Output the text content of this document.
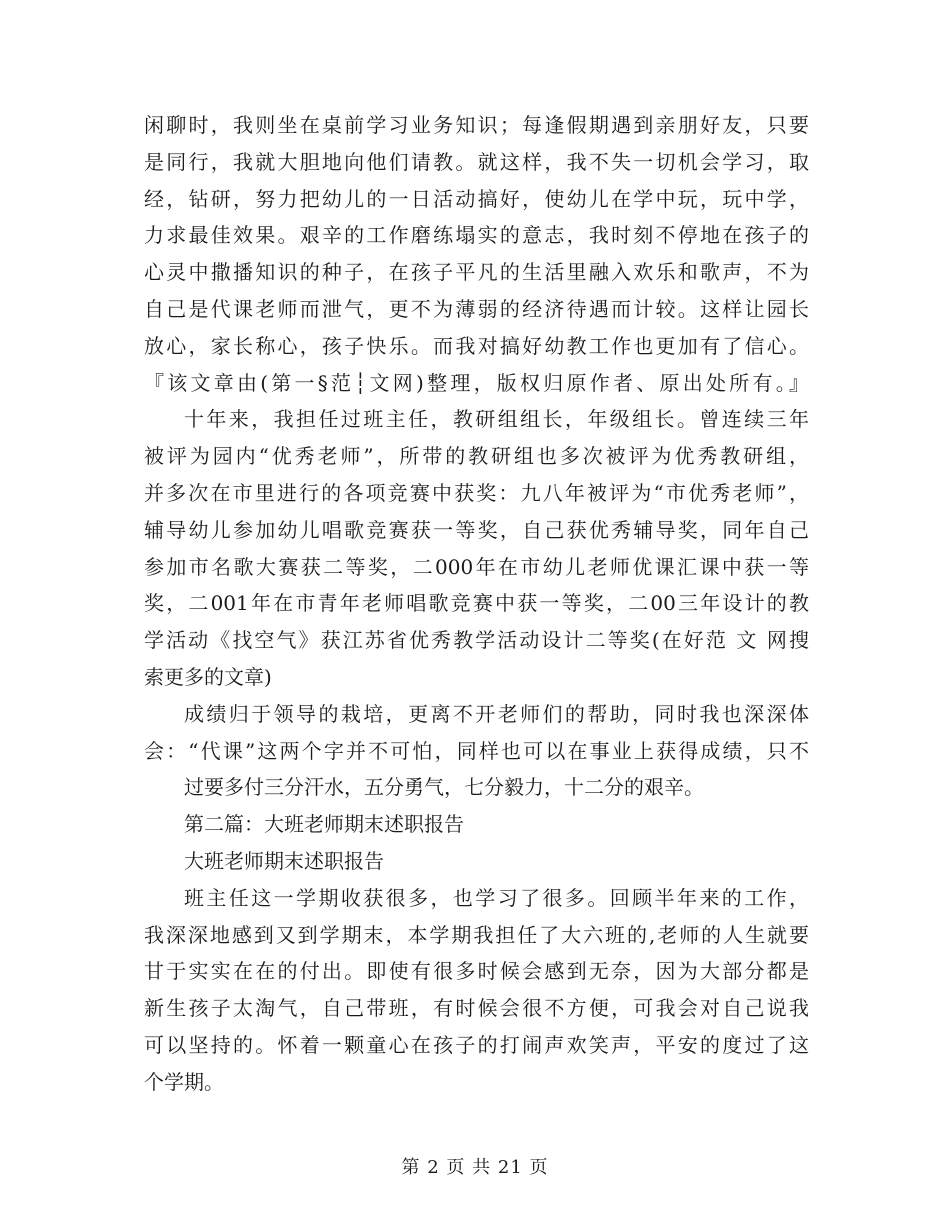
闲聊时，我则坐在桌前学习业务知识；每逢假期遇到亲朋好友，只要
是同行，我就大胆地向他们请教。就这样，我不失一切机会学习，取
经，钻研，努力把幼儿的一日活动搞好，使幼儿在学中玩，玩中学，
力求最佳效果。艰辛的工作磨练塌实的意志，我时刻不停地在孩子的
心灵中撒播知识的种子，在孩子平凡的生活里融入欢乐和歌声，不为
自己是代课老师而泄气，更不为薄弱的经济待遇而计较。这样让园长
放心，家长称心，孩子快乐。而我对搞好幼教工作也更加有了信心。
『该文章由(第一§范┆文网)整理，版权归原作者、原出处所有。』
十年来，我担任过班主任，教研组组长，年级组长。曾连续三年
被评为园内“优秀老师”，所带的教研组也多次被评为优秀教研组，
并多次在市里进行的各项竞赛中获奖：九八年被评为“市优秀老师”，
辅导幼儿参加幼儿唱歌竞赛获一等奖，自己获优秀辅导奖，同年自己
参加市名歌大赛获二等奖，二000年在市幼儿老师优课汇课中获一等
奖，二001年在市青年老师唱歌竞赛中获一等奖，二00三年设计的教
学活动《找空气》获江苏省优秀教学活动设计二等奖(在好范 文 网搜
索更多的文章)
成绩归于领导的栽培，更离不开老师们的帮助，同时我也深深体
会：“代课”这两个字并不可怕，同样也可以在事业上获得成绩，只不
过要多付三分汗水，五分勇气，七分毅力，十二分的艰辛。
第二篇：大班老师期末述职报告
大班老师期末述职报告
班主任这一学期收获很多，也学习了很多。回顾半年来的工作，
我深深地感到又到学期末，本学期我担任了大六班的,老师的人生就要
甘于实实在在的付出。即使有很多时候会感到无奈，因为大部分都是
新生孩子太淘气，自己带班，有时候会很不方便，可我会对自己说我
可以坚持的。怀着一颗童心在孩子的打闹声欢笑声，平安的度过了这
个学期。
第 2 页 共 21 页
